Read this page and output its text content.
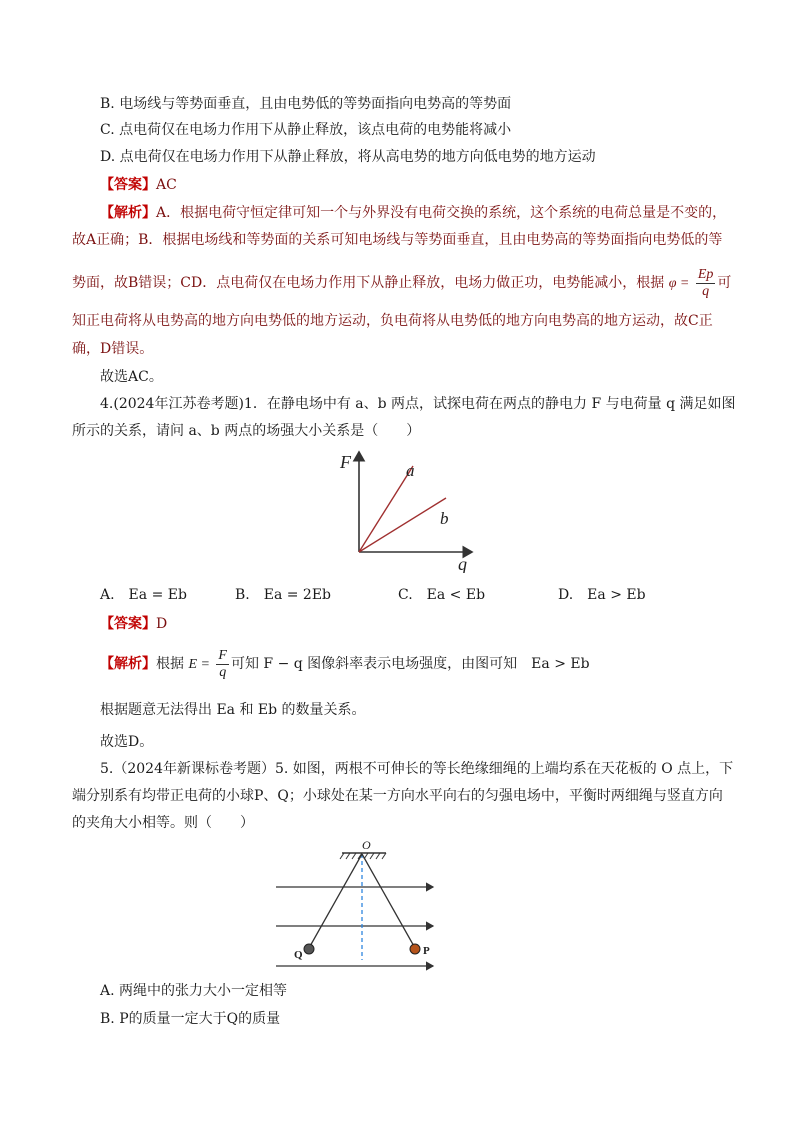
B. 电场线与等势面垂直，且由电势低的等势面指向电势高的等势面
C. 点电荷仅在电场力作用下从静止释放，该点电荷的电势能将减小
D. 点电荷仅在电场力作用下从静止释放，将从高电势的地方向低电势的地方运动
【答案】AC
【解析】A．根据电荷守恒定律可知一个与外界没有电荷交换的系统，这个系统的电荷总量是不变的，
故A正确；B．根据电场线和等势面的关系可知电场线与等势面垂直，且由电势高的等势面指向电势低的等
势面，故B错误；CD．点电荷仅在电场力作用下从静止释放，电场力做正功，电势能减小，根据 $\varphi = \frac{Ep}{q}$ 可
知正电荷将从电势高的地方向电势低的地方运动，负电荷将从电势低的地方向电势高的地方运动，故C正
确，D错误。
故选AC。
4.(2024年江苏卷考题)1．在静电场中有 a、b 两点，试探电荷在两点的静电力 F 与电荷量 q 满足如图
所示的关系，请问 a、b 两点的场强大小关系是（　　）
F
q
a
b
A.　Ea = Eb	B.　Ea = 2Eb	C.　Ea < Eb	D.　Ea > Eb
【答案】D
【解析】根据 $E = \frac{F}{q}$ 可知 F − q 图像斜率表示电场强度，由图可知　Ea > Eb
根据题意无法得出 Ea 和 Eb 的数量关系。
故选D。
5.（2024年新课标卷考题）5. 如图，两根不可伸长的等长绝缘细绳的上端均系在天花板的 O 点上，下
端分别系有均带正电荷的小球P、Q；小球处在某一方向水平向右的匀强电场中，平衡时两细绳与竖直方向
的夹角大小相等。则（　　）
O
Q	P
A. 两绳中的张力大小一定相等
B. P的质量一定大于Q的质量
